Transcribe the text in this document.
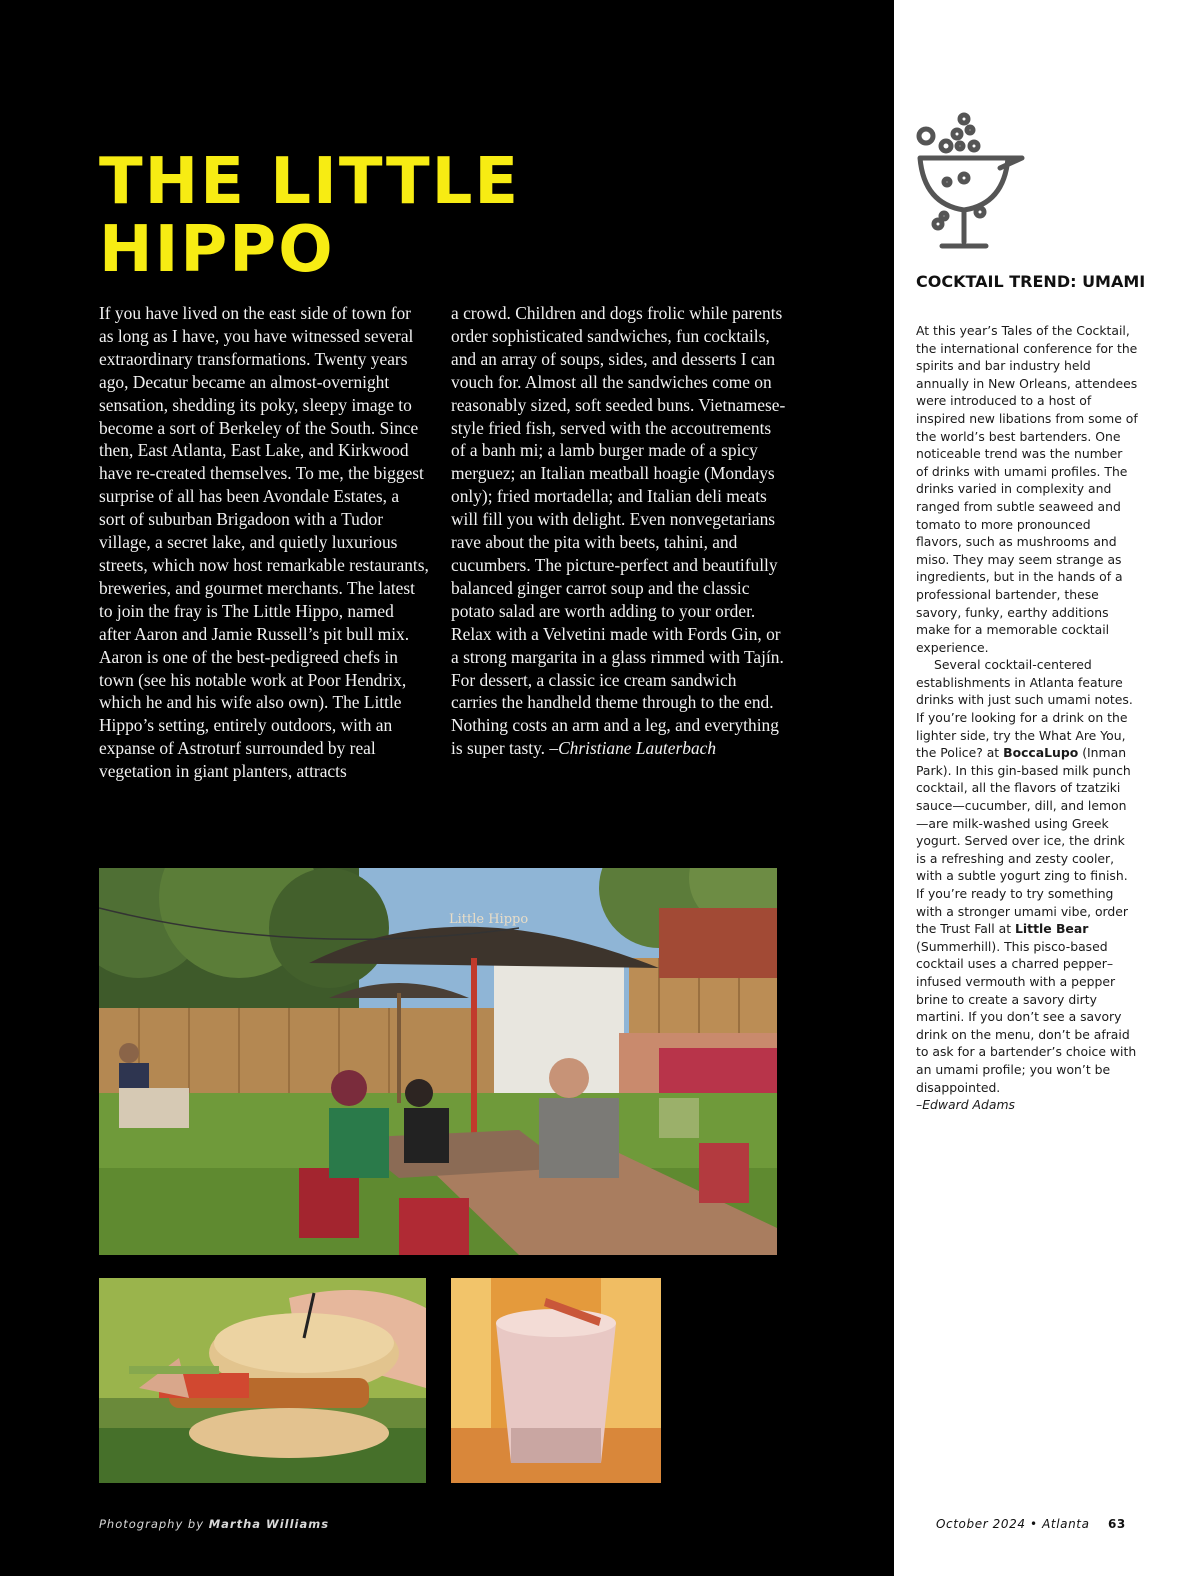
THE LITTLE
HIPPO

If you have lived on the east side of town for as long as I have, you have witnessed several extraordinary transformations. Twenty years ago, Decatur became an almost-overnight sensation, shedding its poky, sleepy image to become a sort of Berkeley of the South. Since then, East Atlanta, East Lake, and Kirkwood have re-created themselves. To me, the biggest surprise of all has been Avondale Estates, a sort of suburban Brigadoon with a Tudor village, a secret lake, and quietly luxurious streets, which now host remarkable restaurants, breweries, and gourmet merchants. The latest to join the fray is The Little Hippo, named after Aaron and Jamie Russell’s pit bull mix. Aaron is one of the best-pedigreed chefs in town (see his notable work at Poor Hendrix, which he and his wife also own). The Little Hippo’s setting, entirely outdoors, with an expanse of Astroturf surrounded by real vegetation in giant planters, attracts

a crowd. Children and dogs frolic while parents order sophisticated sandwiches, fun cocktails, and an array of soups, sides, and desserts I can vouch for. Almost all the sandwiches come on reasonably sized, soft seeded buns. Vietnamese-style fried fish, served with the accoutrements of a banh mi; a lamb burger made of a spicy merguez; an Italian meatball hoagie (Mondays only); fried mortadella; and Italian deli meats will fill you with delight. Even nonvegetarians rave about the pita with beets, tahini, and cucumbers. The picture-perfect and beautifully balanced ginger carrot soup and the classic potato salad are worth adding to your order. Relax with a Velvetini made with Fords Gin, or a strong margarita in a glass rimmed with Tajín. For dessert, a classic ice cream sandwich carries the handheld theme through to the end. Nothing costs an arm and a leg, and everything is super tasty. –Christiane Lauterbach

Little Hippo
Photography by Martha Williams
COCKTAIL TREND: UMAMI

At this year’s Tales of the Cocktail, the international conference for the spirits and bar industry held annually in New Orleans, attendees were introduced to a host of inspired new libations from some of the world’s best bartenders. One noticeable trend was the number of drinks with umami profiles. The drinks varied in complexity and ranged from subtle seaweed and tomato to more pronounced flavors, such as mushrooms and miso. They may seem strange as ingredients, but in the hands of a professional bartender, these savory, funky, earthy additions make for a memorable cocktail experience.

Several cocktail-centered establishments in Atlanta feature drinks with just such umami notes. If you’re looking for a drink on the lighter side, try the What Are You, the Police? at BoccaLupo (Inman Park). In this gin-based milk punch cocktail, all the flavors of tzatziki sauce—cucumber, dill, and lemon—are milk-washed using Greek yogurt. Served over ice, the drink is a refreshing and zesty cooler, with a subtle yogurt zing to finish. If you’re ready to try something with a stronger umami vibe, order the Trust Fall at Little Bear (Summerhill). This pisco-based cocktail uses a charred pepper–infused vermouth with a pepper brine to create a savory dirty martini. If you don’t see a savory drink on the menu, don’t be afraid to ask for a bartender’s choice with an umami profile; you won’t be disappointed.

–Edward Adams

October 2024 • Atlanta 63
